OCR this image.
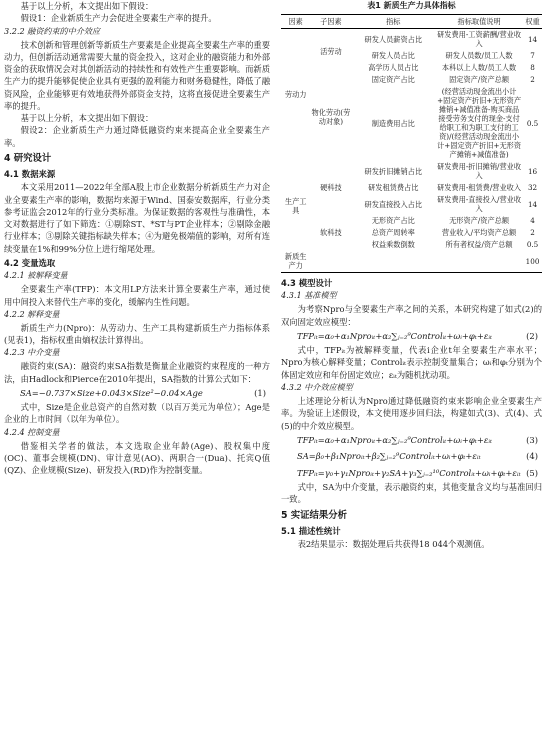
基于以上分析，本文提出如下假设：

假设1：企业新质生产力会促进全要素生产率的提升。

3.2.2 融资约束的中介效应

技术创新和管理创新等新质生产要素是企业提高全要素生产率的重要动力，但创新活动通常需要大量的资金投入，这对企业的融资能力和外部资金的获取情况会对其创新活动的持续性和有效性产生重要影响。而新质生产力的提升能够促使企业具有更强的盈利能力和财务稳健性，降低了融资风险，企业能够更有效地获得外部资金支持，这将直接促进全要素生产率的提升。

基于以上分析，本文提出如下假设：

假设2：企业新质生产力通过降低融资约束来提高企业全要素生产率。

4 研究设计
4.1 数据来源

本文采用2011—2022年全部A股上市企业数据分析新质生产力对企业全要素生产率的影响，数据均来源于Wind、国泰安数据库，行业分类参考证监会2012年的行业分类标准。为保证数据的客观性与准确性，本文对数据进行了如下筛选：①剔除ST、*ST与PT企业样本；②剔除金融行业样本；③剔除关键指标缺失样本；④为避免极端值的影响，对所有连续变量在1%和99%分位上进行缩尾处理。

4.2 变量选取
4.2.1 被解释变量

全要素生产率(TFP)：本文用LP方法来计算全要素生产率，通过使用中间投入来替代生产率的变化，缓解内生性问题。

4.2.2 解释变量

新质生产力(Npro)：从劳动力、生产工具构建新质生产力指标体系(见表1)，指标权重由熵权法计算得出。

4.2.3 中介变量

融资约束(SA)：融资约束SA指数是衡量企业融资约束程度的一种方法，由Hadlock和Pierce在2010年提出，SA指数的计算公式如下：

SA=−0.737×Size+0.043×Size²−0.04×Age	(1)

式中，Size是企业总资产的自然对数（以百万美元为单位）；Age是企业的上市时间（以年为单位）。

4.2.4 控制变量

借鉴相关学者的做法，本文选取企业年龄(Age)、股权集中度(OC)、董事会规模(DN)、审计意见(AO)、两职合一(Dua)、托宾Q值(QZ)、企业规模(Size)、研发投入(RD)作为控制变量。

表1 新质生产力具体指标
因素	子因素	指标	指标取值说明	权重
劳动力	活劳动	研发人员薪资占比	研发费用-工资薪酬/营业收入	14
		研发人员占比	研发人员数/员工人数	7
		高学历人员占比	本科以上人数/员工人数	8
	物化劳动(劳动对象)	固定资产占比	固定资产/资产总额	2
		制造费用占比	(经营活动现金流出小计+固定资产折旧+无形资产摊销+减值准备-购买商品接受劳务支付的现金-支付给职工和为职工支付的工资)/(经营活动现金流出小计+固定资产折旧+无形资产摊销+减值准备)	0.5
生产工具	硬科技	研发折旧摊销占比	研发费用-折旧摊销/营业收入	16
		研发租赁费占比	研发费用-租赁费/营业收入	32
		研发直接投入占比	研发费用-直接投入/营业收入	14
	软科技	无形资产占比	无形资产/资产总额	4
		总资产周转率	营业收入/平均资产总额	2
		权益乘数倒数	所有者权益/资产总额	0.5
新质生产力				100
4.3 模型设计
4.3.1 基准模型

为考察Npro与全要素生产率之间的关系，本研究构建了如式(2)的双向固定效应模型：

TFPᵢₜ=α₀+α₁Nproᵢₜ+α₂∑ⱼ₌₂⁹Controlᵢₜ+ωᵢ+φₜ+εᵢₜ	(2)

式中，TFPᵢₜ为被解释变量，代表i企业t年全要素生产率水平；Npro为核心解释变量；Controlᵢₜ表示控制变量集合；ωᵢ和φₜ分别为个体固定效应和年份固定效应；εᵢₜ为随机扰动项。

4.3.2 中介效应模型

上述理论分析认为Npro通过降低融资约束来影响企业全要素生产率。为验证上述假设，本文使用逐步回归法，构建如式(3)、式(4)、式(5)的中介效应模型。

TFPᵢₜ=α₀+α₁Nproᵢₜ+α₂∑ⱼ₌₂⁹Controlᵢₜ+ωᵢ+φₜ+εᵢₜ	(3)
SA=β₀+β₁Nproᵢₜ+β₂∑ⱼ₌₂⁹Controlᵢₜ+ωᵢ+φₜ+εᵢₜ	(4)
TFPᵢₜ=γ₀+γ₁Nproᵢₜ+γ₂SA+γ₃∑ⱼ₌₂¹⁰Controlᵢₜ+ωᵢ+φₜ+εᵢₜ (5)

式中，SA为中介变量，表示融资约束，其他变量含义均与基准回归一致。

5 实证结果分析
5.1 描述性统计

表2结果显示：数据处理后共获得18 044个观测值。
